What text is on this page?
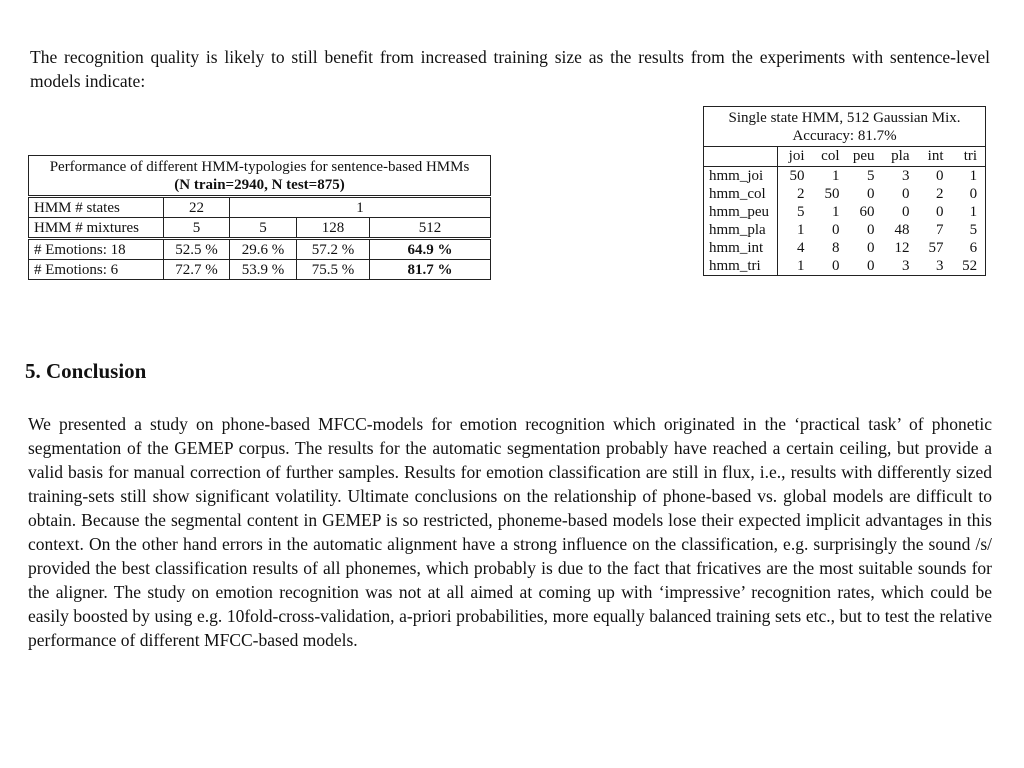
The recognition quality is likely to still benefit from increased training size as the results from the experiments with sentence-level models indicate:

Performance of different HMM-typologies for sentence-based HMMs
(N train=2940, N test=875)				

HMM # states	22	1		
HMM # mixtures	5	5	128	512
# Emotions: 18	52.5 %	29.6 %	57.2 %	64.9 %
# Emotions: 6	72.7 %	53.9 %	75.5 %	81.7 %
Single state HMM, 512 Gaussian Mix.
Accuracy: 81.7%						

	joi	col	peu	pla	int	tri
hmm_joi	50	1	5	3	0	1
hmm_col	2	50	0	0	2	0
hmm_peu	5	1	60	0	0	1
hmm_pla	1	0	0	48	7	5
hmm_int	4	8	0	12	57	6
hmm_tri	1	0	0	3	3	52
5. Conclusion

We presented a study on phone-based MFCC-models for emotion recognition which originated in the ‘practical task’ of phonetic segmentation of the GEMEP corpus. The results for the automatic segmentation probably have reached a certain ceiling, but provide a valid basis for manual correction of further samples. Results for emotion classification are still in flux, i.e., results with differently sized training-sets still show significant volatility. Ultimate conclusions on the relationship of phone-based vs. global models are difficult to obtain. Because the segmental content in GEMEP is so restricted, phoneme-based models lose their expected implicit advantages in this context. On the other hand errors in the automatic alignment have a strong influence on the classification, e.g. surprisingly the sound /s/ provided the best classification results of all phonemes, which probably is due to the fact that fricatives are the most suitable sounds for the aligner. The study on emotion recognition was not at all aimed at coming up with ‘impressive’ recognition rates, which could be easily boosted by using e.g. 10fold-cross-validation, a-priori probabilities, more equally balanced training sets etc., but to test the relative performance of different MFCC-based models.
